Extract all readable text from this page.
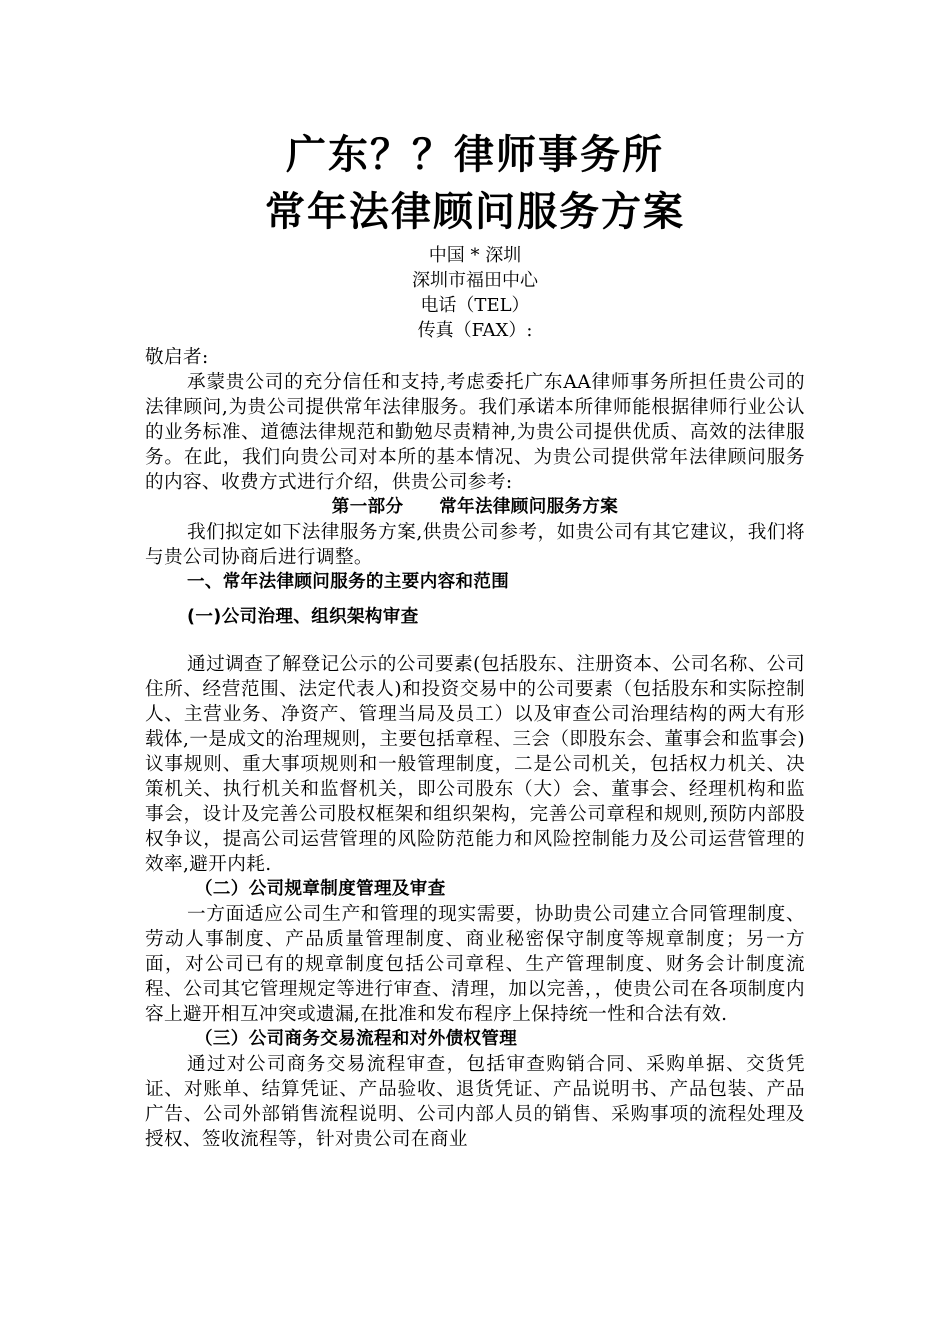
广东？？律师事务所
常年法律顾问服务方案
中国 * 深圳
深圳市福田中心
电话（TEL）
传真（FAX）:

敬启者:

承蒙贵公司的充分信任和支持,考虑委托广东AA律师事务所担任贵公司的法律顾问,为贵公司提供常年法律服务。我们承诺本所律师能根据律师行业公认的业务标准、道德法律规范和勤勉尽责精神,为贵公司提供优质、高效的法律服务。在此，我们向贵公司对本所的基本情况、为贵公司提供常年法律顾问服务的内容、收费方式进行介绍，供贵公司参考:

第一部分　　常年法律顾问服务方案

我们拟定如下法律服务方案,供贵公司参考，如贵公司有其它建议，我们将与贵公司协商后进行调整。

一、常年法律顾问服务的主要内容和范围

(一)公司治理、组织架构审查

通过调查了解登记公示的公司要素(包括股东、注册资本、公司名称、公司住所、经营范围、法定代表人)和投资交易中的公司要素（包括股东和实际控制人、主营业务、净资产、管理当局及员工）以及审查公司治理结构的两大有形载体,一是成文的治理规则，主要包括章程、三会（即股东会、董事会和监事会)议事规则、重大事项规则和一般管理制度，二是公司机关，包括权力机关、决策机关、执行机关和监督机关，即公司股东（大）会、董事会、经理机构和监事会，设计及完善公司股权框架和组织架构，完善公司章程和规则,预防内部股权争议，提高公司运营管理的风险防范能力和风险控制能力及公司运营管理的效率,避开内耗.

（二）公司规章制度管理及审查

一方面适应公司生产和管理的现实需要，协助贵公司建立合同管理制度、劳动人事制度、产品质量管理制度、商业秘密保守制度等规章制度；另一方面，对公司已有的规章制度包括公司章程、生产管理制度、财务会计制度流程、公司其它管理规定等进行审查、清理，加以完善，，使贵公司在各项制度内容上避开相互冲突或遗漏,在批准和发布程序上保持统一性和合法有效.

（三）公司商务交易流程和对外债权管理

通过对公司商务交易流程审查，包括审查购销合同、采购单据、交货凭证、对账单、结算凭证、产品验收、退货凭证、产品说明书、产品包装、产品广告、公司外部销售流程说明、公司内部人员的销售、采购事项的流程处理及授权、签收流程等，针对贵公司在商业
